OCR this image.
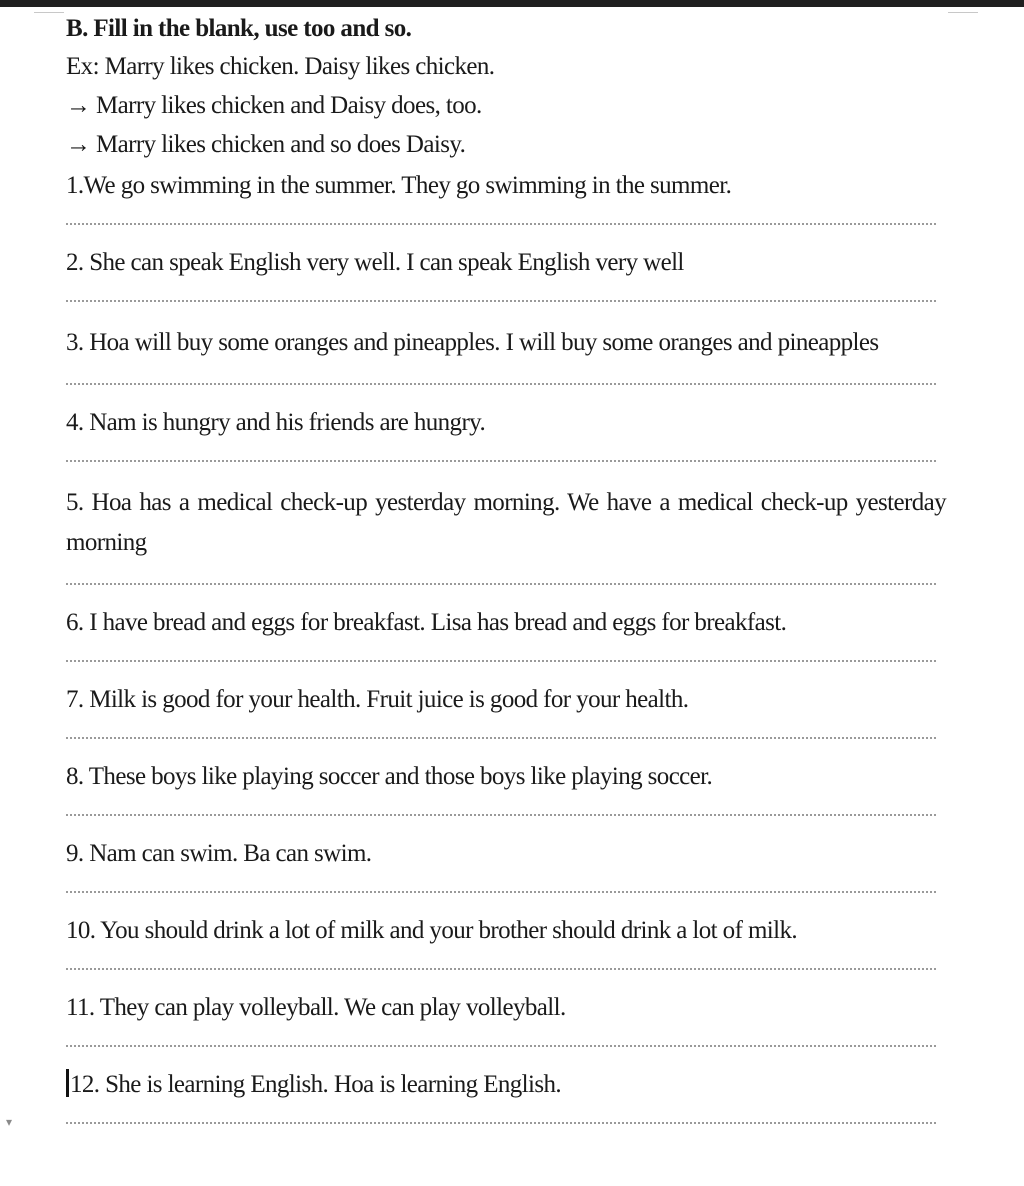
▾
B. Fill in the blank, use too and so.
Ex: Marry likes chicken. Daisy likes chicken.
→ Marry likes chicken and Daisy does, too.
→ Marry likes chicken and so does Daisy.
1.We go swimming in the summer. They go swimming in the summer.
2. She can speak English very well. I can speak English very well
3. Hoa will buy some oranges and pineapples. I will buy some oranges and pineapples
4. Nam is hungry and his friends are hungry.
5. Hoa has a medical check-up yesterday morning. We have a medical check-up yesterday morning
6. I have bread and eggs for breakfast. Lisa has bread and eggs for breakfast.
7. Milk is good for your health. Fruit juice is good for your health.
8. These boys like playing soccer and those boys like playing soccer.
9. Nam can swim. Ba can swim.
10. You should drink a lot of milk and your brother should drink a lot of milk.
11. They can play volleyball. We can play volleyball.
12. She is learning English. Hoa is learning English.
